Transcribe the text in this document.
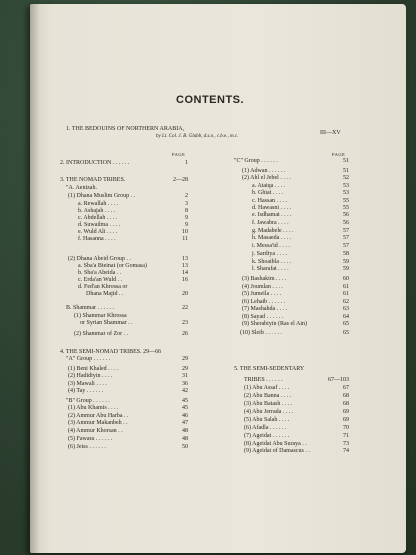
CONTENTS.
1. THE BEDOUINS OF NORTHERN ARABIA,
by Lt. Col. J. B. Glubb, d.s.o., c.b.e., m.c.
III—XV
PAGE	PAGE
2. INTRODUCTION . . . . . .	1
3. THE NOMAD TRIBES.	2—28
"A. Aenizah.
(1) Dhana Muslim Group . .	2
a. Rewallah . . . .	3
b. Ashajah . . . .	8
c. Abdellah . . . .	9
d. Suwailma . . . .	9
e. Wuld Ali . . . .	10
f. Hasanna . . . .	11
(2) Dhana Abeid Group . .	13
a. Sba'a Bteinat (or Gomasa)	13
b. Sba'a Abeida . .	14
c. Erda'an Wuld . .	16
d. Fed'an Khrossa or
Dhana Majid . .	20
B. Shammar . . . . . .	22
(1) Shammar Khrossa
or Syrian Shammar . .	23
(2) Shammar of Zor . .	26
4. THE SEMI-NOMAD TRIBES. 29—66
"A" Group . . . . . .	29
(1) Beni Khaled . . . .	29
(2) Hadidiyin . . . .	31
(3) Mawali . . . .	36
(4) Tay . . . . . .	42
"B" Group . . . . . .	45
(1) Abu Khamis . . . .	45
(2) Ammur Abu Harba . .	46
(3) Ammur Makanbeh . .	47
(4) Ammur Khorsan . .	48
(5) Fawara . . . . . .	48
(6) Jeiss . . . . . .	50
"C" Group . . . . . .	51
(1) Adwan . . . . . .	51
(2) Ahl el Jebel . . . .	52
a. Ataiqa . . . .	53
b. Ghiat . . . .	53
c. Hassan . . . .	55
d. Hawasni . . . .	55
e. Isdhamat . . . .	56
f. Jawabra . . . .	56
g. Madabele . . . .	57
h. Masaeda . . . .	57
i. Messa'id . . . .	57
j. Sardiya . . . .	58
k. Shoaibla . . . .	59
l. Sharafat . . . .	59
(3) Bashakim . . . .	60
(4) Joumlan . . . .	61
(5) Jumeila . . . .	61
(6) Lehaib . . . . . .	62
(7) Mashahda . . . .	63
(8) Sayad . . . . . .	64
(9) Sherabiyin (Ras el Ain)	65
(10) Sleib . . . . . .	65
5. THE SEMI-SEDENTARY
TRIBES . . . . . .	67—103
(1) Abu Assaf . . . .	67
(2) Abu Banna . . . .	68
(3) Abu Batash . . . .	68
(4) Abu Jerrada . . . .	69
(5) Abu Salah . . . .	69
(6) Afadla . . . . . .	70
(7) Ageidat . . . . . .	71
(8) Ageidat Abu Suraya . .	73
(9) Ageidat of Damascus . .	74
